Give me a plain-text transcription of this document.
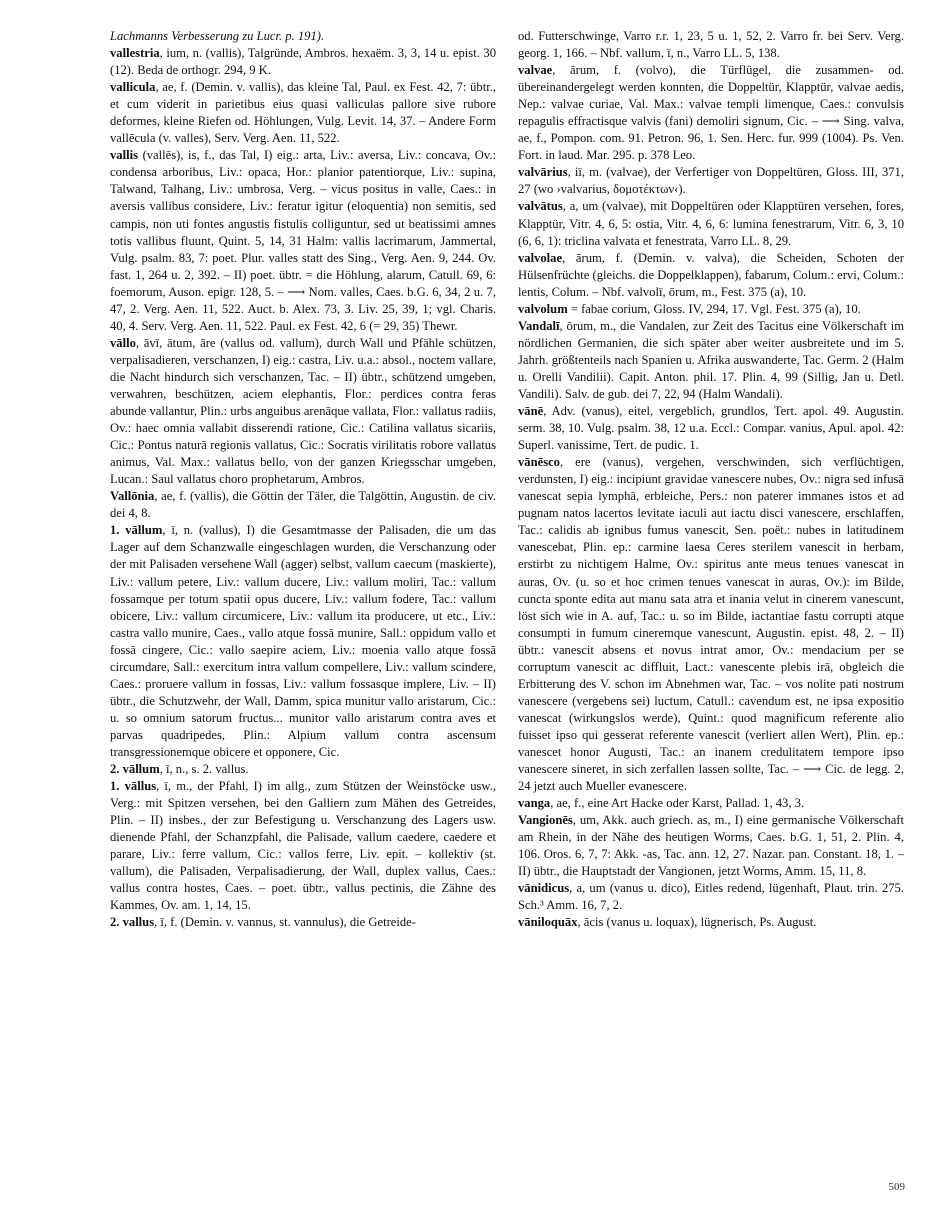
Lachmanns Verbesserung zu Lucr. p. 191).

vallestria, ium, n. (vallis), Talgründe, Ambros. hexaëm. 3, 3, 14 u. epist. 30 (12). Beda de orthogr. 294, 9 K.

vallicula, ae, f. (Demin. v. vallis), das kleine Tal, Paul. ex Fest. 42, 7: übtr., et cum viderit in parietibus eius quasi valliculas pallore sive rubore deformes, kleine Riefen od. Höhlungen, Vulg. Levit. 14, 37. – Andere Form vallēcula (v. valles), Serv. Verg. Aen. 11, 522.

vallis (vallēs), is, f., das Tal, I) eig.: arta, Liv.: aversa, Liv.: concava, Ov.: condensa arboribus, Liv.: opaca, Hor.: planior patentiorque, Liv.: supina, Talwand, Talhang, Liv.: umbrosa, Verg. – vicus positus in valle, Caes.: in aversis vallibus considere, Liv.: feratur igitur (eloquentia) non semitis, sed campis, non uti fontes angustis fistulis colliguntur, sed ut beatissimi amnes totis vallibus fluunt, Quint. 5, 14, 31 Halm: vallis lacrimarum, Jammertal, Vulg. psalm. 83, 7: poet. Plur. valles statt des Sing., Verg. Aen. 9, 244. Ov. fast. 1, 264 u. 2, 392. – II) poet. übtr. = die Höhlung, alarum, Catull. 69, 6: foemorum, Auson. epigr. 128, 5. – ⟶ Nom. valles, Caes. b.G. 6, 34, 2 u. 7, 47, 2. Verg. Aen. 11, 522. Auct. b. Alex. 73, 3. Liv. 25, 39, 1; vgl. Charis. 40, 4. Serv. Verg. Aen. 11, 522. Paul. ex Fest. 42, 6 (= 29, 35) Thewr.

vāllo, āvī, ātum, āre (vallus od. vallum), durch Wall und Pfähle schützen, verpalisadieren, verschanzen, I) eig.: castra, Liv. u.a.: absol., noctem vallare, die Nacht hindurch sich verschanzen, Tac. – II) übtr., schützend umgeben, verwahren, beschützen, aciem elephantis, Flor.: perdices contra feras abunde vallantur, Plin.: urbs anguibus arenāque vallata, Flor.: vallatus radiis, Ov.: haec omnia vallabit disserendi ratione, Cic.: Catilina vallatus sicariis, Cic.: Pontus naturā regionis vallatus, Cic.: Socratis virilitatis robore vallatus animus, Val. Max.: vallatus bello, von der ganzen Kriegsschar umgeben, Lucan.: Saul vallatus choro prophetarum, Ambros.

Vallōnia, ae, f. (vallis), die Göttin der Täler, die Talgöttin, Augustin. de civ. dei 4, 8.

1. vāllum, ī, n. (vallus), I) die Gesamtmasse der Palisaden, die um das Lager auf dem Schanzwalle eingeschlagen wurden, die Verschanzung oder der mit Palisaden versehene Wall (agger) selbst, vallum caecum (maskierte), Liv.: vallum petere, Liv.: vallum ducere, Liv.: vallum moliri, Tac.: vallum fossamque per totum spatii opus ducere, Liv.: vallum fodere, Tac.: vallum obicere, Liv.: vallum circumicere, Liv.: vallum ita producere, ut etc., Liv.: castra vallo munire, Caes., vallo atque fossā munire, Sall.: oppidum vallo et fossā cingere, Cic.: vallo saepire aciem, Liv.: moenia vallo atque fossā circumdare, Sall.: exercitum intra vallum compellere, Liv.: vallum scindere, Caes.: proruere vallum in fossas, Liv.: vallum fossasque implere, Liv. – II) übtr., die Schutzwehr, der Wall, Damm, spica munitur vallo aristarum, Cic.: u. so omnium satorum fructus... munitor vallo aristarum contra aves et parvas quadripedes, Plin.: Alpium vallum contra ascensum transgressionemque obicere et opponere, Cic.

2. vāllum, ī, n., s. 2. vallus.

1. vāllus, ī, m., der Pfahl, I) im allg., zum Stützen der Weinstöcke usw., Verg.: mit Spitzen versehen, bei den Galliern zum Mähen des Getreides, Plin. – II) insbes., der zur Befestigung u. Verschanzung des Lagers usw. dienende Pfahl, der Schanzpfahl, die Palisade, vallum caedere, caedere et parare, Liv.: ferre vallum, Cic.: vallos ferre, Liv. epit. – kollektiv (st. vallum), die Palisaden, Verpalisadierung, der Wall, duplex vallus, Caes.: vallus contra hostes, Caes. – poet. übtr., vallus pectinis, die Zähne des Kammes, Ov. am. 1, 14, 15.

2. vallus, ī, f. (Demin. v. vannus, st. vannulus), die Getreide-

od. Futterschwinge, Varro r.r. 1, 23, 5 u. 1, 52, 2. Varro fr. bei Serv. Verg. georg. 1, 166. – Nbf. vallum, ī, n., Varro LL. 5, 138.

valvae, ārum, f. (volvo), die Türflügel, die zusammen- od. übereinandergelegt werden konnten, die Doppeltür, Klapptür, valvae aedis, Nep.: valvae curiae, Val. Max.: valvae templi limenque, Caes.: convulsis repagulis effractisque valvis (fani) demoliri signum, Cic. – ⟶ Sing. valva, ae, f., Pompon. com. 91. Petron. 96, 1. Sen. Herc. fur. 999 (1004). Ps. Ven. Fort. in laud. Mar. 295. p. 378 Leo.

valvārius, iī, m. (valvae), der Verfertiger von Doppeltüren, Gloss. III, 371, 27 (wo ›valvarius, δομοτέκτων‹).

valvātus, a, um (valvae), mit Doppeltüren oder Klapptüren versehen, fores, Klapptür, Vitr. 4, 6, 5: ostia, Vitr. 4, 6, 6: lumina fenestrarum, Vitr. 6, 3, 10 (6, 6, 1): triclina valvata et fenestrata, Varro LL. 8, 29.

valvolae, ārum, f. (Demin. v. valva), die Scheiden, Schoten der Hülsenfrüchte (gleichs. die Doppelklappen), fabarum, Colum.: ervi, Colum.: lentis, Colum. – Nbf. valvolī, ōrum, m., Fest. 375 (a), 10.

valvolum = fabae corium, Gloss. IV, 294, 17. Vgl. Fest. 375 (a), 10.

Vandalī, ōrum, m., die Vandalen, zur Zeit des Tacitus eine Völkerschaft im nördlichen Germanien, die sich später aber weiter ausbreitete und im 5. Jahrh. größtenteils nach Spanien u. Afrika auswanderte, Tac. Germ. 2 (Halm u. Orelli Vandilii). Capit. Anton. phil. 17. Plin. 4, 99 (Sillig, Jan u. Detl. Vandili). Salv. de gub. dei 7, 22, 94 (Halm Wandali).

vānē, Adv. (vanus), eitel, vergeblich, grundlos, Tert. apol. 49. Augustin. serm. 38, 10. Vulg. psalm. 38, 12 u.a. Eccl.: Compar. vanius, Apul. apol. 42: Superl. vanissime, Tert. de pudic. 1.

vānēsco, ere (vanus), vergehen, verschwinden, sich verflüchtigen, verdunsten, I) eig.: incipiunt gravidae vanescere nubes, Ov.: nigra sed infusā vanescat sepia lymphā, erbleiche, Pers.: non paterer immanes istos et ad pugnam natos lacertos levitate iaculi aut iactu disci vanescere, erschlaffen, Tac.: calidis ab ignibus fumus vanescit, Sen. poët.: nubes in latitudinem vanescebat, Plin. ep.: carmine laesa Ceres sterilem vanescit in herbam, erstirbt zu nichtigem Halme, Ov.: spiritus ante meus tenues vanescat in auras, Ov. (u. so et hoc crimen tenues vanescat in auras, Ov.): im Bilde, cuncta sponte edita aut manu sata atra et inania velut in cinerem vanescunt, löst sich wie in A. auf, Tac.: u. so im Bilde, iactantiae fastu corrupti atque consumpti in fumum cineremque vanescunt, Augustin. epist. 48, 2. – II) übtr.: vanescit absens et novus intrat amor, Ov.: mendacium per se corruptum vanescit ac diffluit, Lact.: vanescente plebis irā, obgleich die Erbitterung des V. schon im Abnehmen war, Tac. – vos nolite pati nostrum vanescere (vergebens sei) luctum, Catull.: cavendum est, ne ipsa expositio vanescat (wirkungslos werde), Quint.: quod magnificum referente alio fuisset ipso qui gesserat referente vanescit (verliert allen Wert), Plin. ep.: vanescet honor Augusti, Tac.: an inanem credulitatem tempore ipso vanescere sineret, in sich zerfallen lassen sollte, Tac. – ⟶ Cic. de legg. 2, 24 jetzt auch Mueller evanescere.

vanga, ae, f., eine Art Hacke oder Karst, Pallad. 1, 43, 3.

Vangionēs, um, Akk. auch griech. as, m., I) eine germanische Völkerschaft am Rhein, in der Nähe des heutigen Worms, Caes. b.G. 1, 51, 2. Plin. 4, 106. Oros. 6, 7, 7: Akk. -as, Tac. ann. 12, 27. Nazar. pan. Constant. 18, 1. – II) übtr., die Hauptstadt der Vangionen, jetzt Worms, Amm. 15, 11, 8.

vānidicus, a, um (vanus u. dico), Eitles redend, lügenhaft, Plaut. trin. 275. Sch.³ Amm. 16, 7, 2.

vāniloquāx, ācis (vanus u. loquax), lügnerisch, Ps. August.

509
